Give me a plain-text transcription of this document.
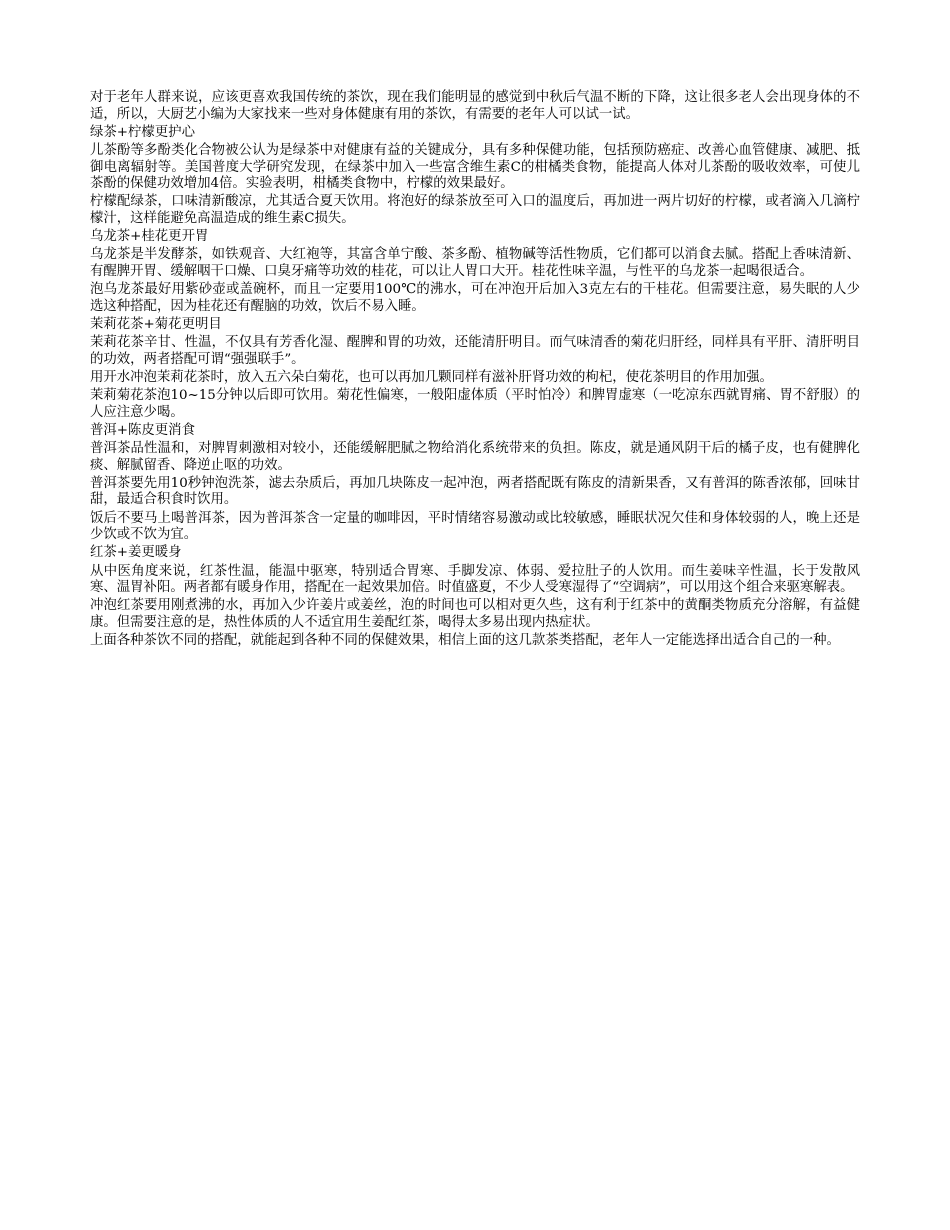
对于老年人群来说，应该更喜欢我国传统的茶饮，现在我们能明显的感觉到中秋后气温不断的下降，这让很多老人会出现身体的不适，所以，大厨艺小编为大家找来一些对身体健康有用的茶饮，有需要的老年人可以试一试。

绿茶+柠檬更护心

儿茶酚等多酚类化合物被公认为是绿茶中对健康有益的关键成分，具有多种保健功能，包括预防癌症、改善心血管健康、减肥、抵御电离辐射等。美国普度大学研究发现，在绿茶中加入一些富含维生素C的柑橘类食物，能提高人体对儿茶酚的吸收效率，可使儿茶酚的保健功效增加4倍。实验表明，柑橘类食物中，柠檬的效果最好。

柠檬配绿茶，口味清新酸凉，尤其适合夏天饮用。将泡好的绿茶放至可入口的温度后，再加进一两片切好的柠檬，或者滴入几滴柠檬汁，这样能避免高温造成的维生素C损失。

乌龙茶+桂花更开胃

乌龙茶是半发酵茶，如铁观音、大红袍等，其富含单宁酸、茶多酚、植物碱等活性物质，它们都可以消食去腻。搭配上香味清新、有醒脾开胃、缓解咽干口燥、口臭牙痛等功效的桂花，可以让人胃口大开。桂花性味辛温，与性平的乌龙茶一起喝很适合。

泡乌龙茶最好用紫砂壶或盖碗杯，而且一定要用100℃的沸水，可在冲泡开后加入3克左右的干桂花。但需要注意，易失眠的人少选这种搭配，因为桂花还有醒脑的功效，饮后不易入睡。

茉莉花茶+菊花更明目

茉莉花茶辛甘、性温，不仅具有芳香化湿、醒脾和胃的功效，还能清肝明目。而气味清香的菊花归肝经，同样具有平肝、清肝明目的功效，两者搭配可谓“强强联手”。

用开水冲泡茉莉花茶时，放入五六朵白菊花，也可以再加几颗同样有滋补肝肾功效的枸杞，使花茶明目的作用加强。

茉莉菊花茶泡10~15分钟以后即可饮用。菊花性偏寒，一般阳虚体质（平时怕冷）和脾胃虚寒（一吃凉东西就胃痛、胃不舒服）的人应注意少喝。

普洱+陈皮更消食

普洱茶品性温和，对脾胃刺激相对较小，还能缓解肥腻之物给消化系统带来的负担。陈皮，就是通风阴干后的橘子皮，也有健脾化痰、解腻留香、降逆止呕的功效。

普洱茶要先用10秒钟泡洗茶，滤去杂质后，再加几块陈皮一起冲泡，两者搭配既有陈皮的清新果香，又有普洱的陈香浓郁，回味甘甜，最适合积食时饮用。

饭后不要马上喝普洱茶，因为普洱茶含一定量的咖啡因，平时情绪容易激动或比较敏感，睡眠状况欠佳和身体较弱的人，晚上还是少饮或不饮为宜。

红茶+姜更暖身

从中医角度来说，红茶性温，能温中驱寒，特别适合胃寒、手脚发凉、体弱、爱拉肚子的人饮用。而生姜味辛性温，长于发散风寒、温胃补阳。两者都有暖身作用，搭配在一起效果加倍。时值盛夏，不少人受寒湿得了“空调病”，可以用这个组合来驱寒解表。

冲泡红茶要用刚煮沸的水，再加入少许姜片或姜丝，泡的时间也可以相对更久些，这有利于红茶中的黄酮类物质充分溶解，有益健康。但需要注意的是，热性体质的人不适宜用生姜配红茶，喝得太多易出现内热症状。

上面各种茶饮不同的搭配，就能起到各种不同的保健效果，相信上面的这几款茶类搭配，老年人一定能选择出适合自己的一种。
